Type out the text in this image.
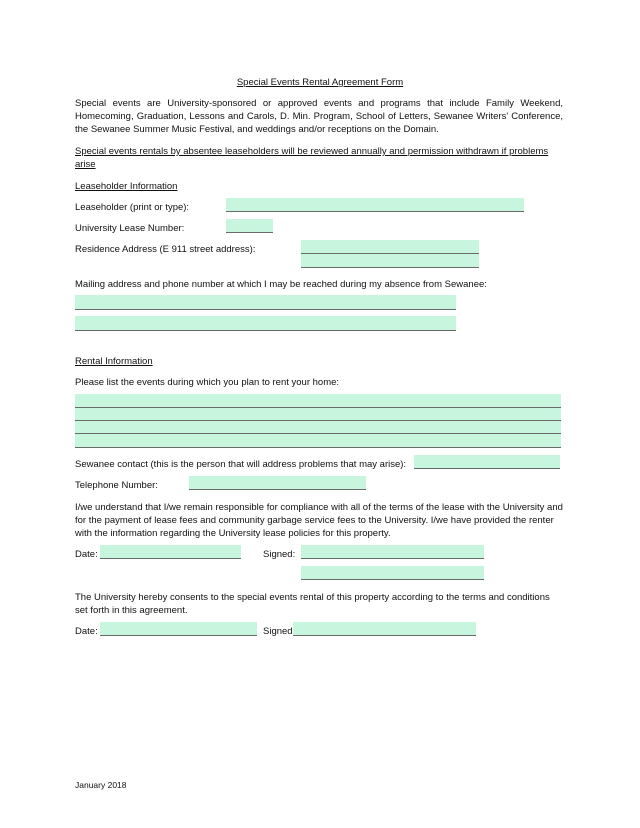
Special Events Rental Agreement Form
Special events are University-sponsored or approved events and programs that include Family Weekend, Homecoming, Graduation, Lessons and Carols, D. Min. Program, School of Letters, Sewanee Writers' Conference, the Sewanee Summer Music Festival, and weddings and/or receptions on the Domain.
Special events rentals by absentee leaseholders will be reviewed annually and permission withdrawn if problems arise
Leaseholder Information
Leaseholder (print or type):
University Lease Number:
Residence Address (E 911 street address):
Mailing address and phone number at which I may be reached during my absence from Sewanee:
Rental Information
Please list the events during which you plan to rent your home:
Sewanee contact (this is the person that will address problems that may arise):
Telephone Number:
I/we understand that I/we remain responsible for compliance with all of the terms of the lease with the University and for the payment of lease fees and community garbage service fees to the University. I/we have provided the renter with the information regarding the University lease policies for this property.
Date:	Signed:
The University hereby consents to the special events rental of this property according to the terms and conditions set forth in this agreement.
Date:	Signed
January 2018
